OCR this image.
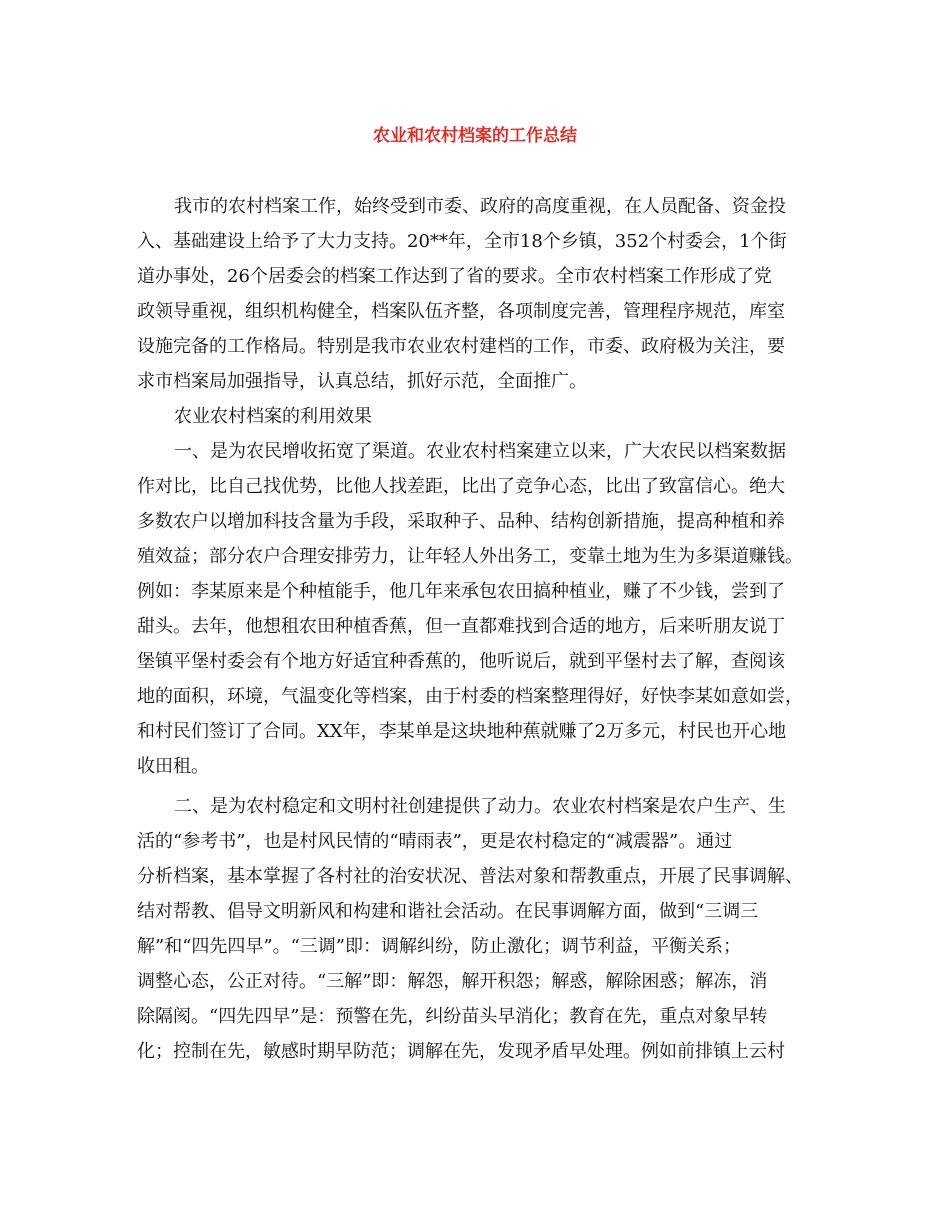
农业和农村档案的工作总结

我市的农村档案工作，始终受到市委、政府的高度重视，在人员配备、资金投

入、基础建设上给予了大力支持。20**年，全市18个乡镇，352个村委会，1个街

道办事处，26个居委会的档案工作达到了省的要求。全市农村档案工作形成了党

政领导重视，组织机构健全，档案队伍齐整，各项制度完善，管理程序规范，库室

设施完备的工作格局。特别是我市农业农村建档的工作，市委、政府极为关注，要

求市档案局加强指导，认真总结，抓好示范，全面推广。

农业农村档案的利用效果

一、是为农民增收拓宽了渠道。农业农村档案建立以来，广大农民以档案数据

作对比，比自己找优势，比他人找差距，比出了竞争心态，比出了致富信心。绝大

多数农户以增加科技含量为手段，采取种子、品种、结构创新措施，提高种植和养

殖效益；部分农户合理安排劳力，让年轻人外出务工，变靠土地为生为多渠道赚钱。

例如：李某原来是个种植能手，他几年来承包农田搞种植业，赚了不少钱，尝到了

甜头。去年，他想租农田种植香蕉，但一直都难找到合适的地方，后来听朋友说丁

堡镇平堡村委会有个地方好适宜种香蕉的，他听说后，就到平堡村去了解，查阅该

地的面积，环境，气温变化等档案，由于村委的档案整理得好，好快李某如意如尝，

和村民们签订了合同。XX年，李某单是这块地种蕉就赚了2万多元，村民也开心地

收田租。

二、是为农村稳定和文明村社创建提供了动力。农业农村档案是农户生产、生

活的“参考书”，也是村风民情的“晴雨表”，更是农村稳定的“减震器”。通过

分析档案，基本掌握了各村社的治安状况、普法对象和帮教重点，开展了民事调解、

结对帮教、倡导文明新风和构建和谐社会活动。在民事调解方面，做到“三调三

解”和“四先四早”。“三调”即：调解纠纷，防止激化；调节利益，平衡关系；

调整心态，公正对待。“三解”即：解怨，解开积怨；解惑，解除困惑；解冻，消

除隔阂。“四先四早”是：预警在先，纠纷苗头早消化；教育在先，重点对象早转

化；控制在先，敏感时期早防范；调解在先，发现矛盾早处理。例如前排镇上云村
